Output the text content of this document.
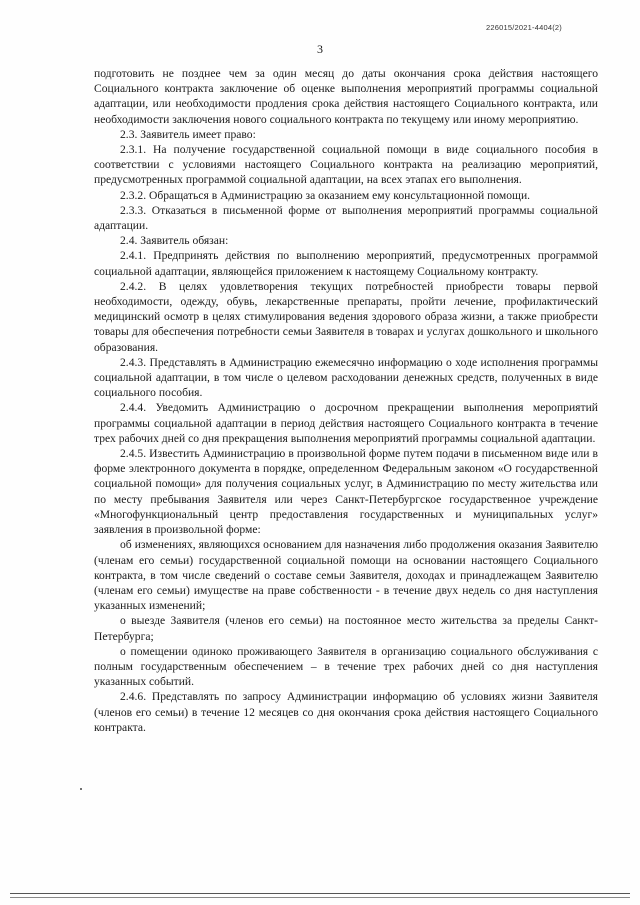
226015/2021-4404(2)
3

подготовить не позднее чем за один месяц до даты окончания срока действия настоящего Социального контракта заключение об оценке выполнения мероприятий программы социальной адаптации, или необходимости продления срока действия настоящего Социального контракта, или необходимости заключения нового социального контракта по текущему или иному мероприятию.

2.3. Заявитель имеет право:

2.3.1. На получение государственной социальной помощи в виде социального пособия в соответствии с условиями настоящего Социального контракта на реализацию мероприятий, предусмотренных программой социальной адаптации, на всех этапах его выполнения.

2.3.2. Обращаться в Администрацию за оказанием ему консультационной помощи.

2.3.3. Отказаться в письменной форме от выполнения мероприятий программы социальной адаптации.

2.4. Заявитель обязан:

2.4.1. Предпринять действия по выполнению мероприятий, предусмотренных программой социальной адаптации, являющейся приложением к настоящему Социальному контракту.

2.4.2. В целях удовлетворения текущих потребностей приобрести товары первой необходимости, одежду, обувь, лекарственные препараты, пройти лечение, профилактический медицинский осмотр в целях стимулирования ведения здорового образа жизни, а также приобрести товары для обеспечения потребности семьи Заявителя в товарах и услугах дошкольного и школьного образования.

2.4.3. Представлять в Администрацию ежемесячно информацию о ходе исполнения программы социальной адаптации, в том числе о целевом расходовании денежных средств, полученных в виде социального пособия.

2.4.4. Уведомить Администрацию о досрочном прекращении выполнения мероприятий программы социальной адаптации в период действия настоящего Социального контракта в течение трех рабочих дней со дня прекращения выполнения мероприятий программы социальной адаптации.

2.4.5. Известить Администрацию в произвольной форме путем подачи в письменном виде или в форме электронного документа в порядке, определенном Федеральным законом «О государственной социальной помощи» для получения социальных услуг, в Администрацию по месту жительства или по месту пребывания Заявителя или через Санкт-Петербургское государственное учреждение «Многофункциональный центр предоставления государственных и муниципальных услуг» заявления в произвольной форме:

об изменениях, являющихся основанием для назначения либо продолжения оказания Заявителю (членам его семьи) государственной социальной помощи на основании настоящего Социального контракта, в том числе сведений о составе семьи Заявителя, доходах и принадлежащем Заявителю (членам его семьи) имуществе на праве собственности - в течение двух недель со дня наступления указанных изменений;

о выезде Заявителя (членов его семьи) на постоянное место жительства за пределы Санкт-Петербурга;

о помещении одиноко проживающего Заявителя в организацию социального обслуживания с полным государственным обеспечением – в течение трех рабочих дней со дня наступления указанных событий.

2.4.6. Представлять по запросу Администрации информацию об условиях жизни Заявителя (членов его семьи) в течение 12 месяцев со дня окончания срока действия настоящего Социального контракта.
